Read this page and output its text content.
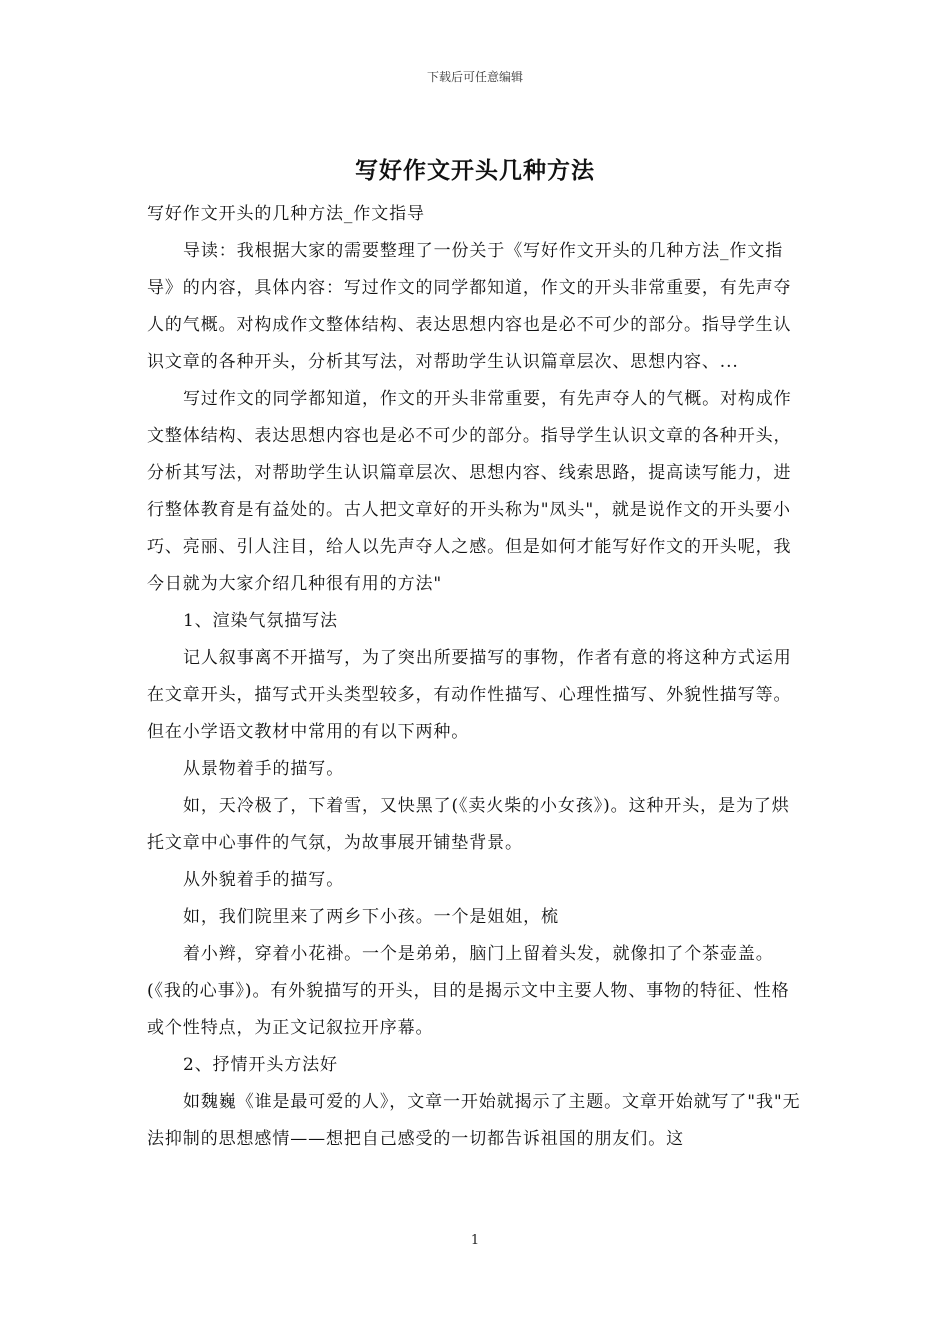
下载后可任意编辑
写好作文开头几种方法

写好作文开头的几种方法_作文指导

导读：我根据大家的需要整理了一份关于《写好作文开头的几种方法_作文指导》的内容，具体内容：写过作文的同学都知道，作文的开头非常重要，有先声夺人的气概。对构成作文整体结构、表达思想内容也是必不可少的部分。指导学生认识文章的各种开头，分析其写法，对帮助学生认识篇章层次、思想内容、...

写过作文的同学都知道，作文的开头非常重要，有先声夺人的气概。对构成作文整体结构、表达思想内容也是必不可少的部分。指导学生认识文章的各种开头，分析其写法，对帮助学生认识篇章层次、思想内容、线索思路，提高读写能力，进行整体教育是有益处的。古人把文章好的开头称为"凤头"，就是说作文的开头要小巧、亮丽、引人注目，给人以先声夺人之感。但是如何才能写好作文的开头呢，我今日就为大家介绍几种很有用的方法"

1、渲染气氛描写法

记人叙事离不开描写，为了突出所要描写的事物，作者有意的将这种方式运用在文章开头，描写式开头类型较多，有动作性描写、心理性描写、外貌性描写等。但在小学语文教材中常用的有以下两种。

从景物着手的描写。

如，天冷极了，下着雪，又快黑了(《卖火柴的小女孩》)。这种开头，是为了烘托文章中心事件的气氛，为故事展开铺垫背景。

从外貌着手的描写。

如，我们院里来了两乡下小孩。一个是姐姐，梳

着小辫，穿着小花褂。一个是弟弟，脑门上留着头发，就像扣了个茶壶盖。(《我的心事》)。有外貌描写的开头，目的是揭示文中主要人物、事物的特征、性格或个性特点，为正文记叙拉开序幕。

2、抒情开头方法好

如魏巍《谁是最可爱的人》，文章一开始就揭示了主题。文章开始就写了"我"无法抑制的思想感情——想把自己感受的一切都告诉祖国的朋友们。这

1
